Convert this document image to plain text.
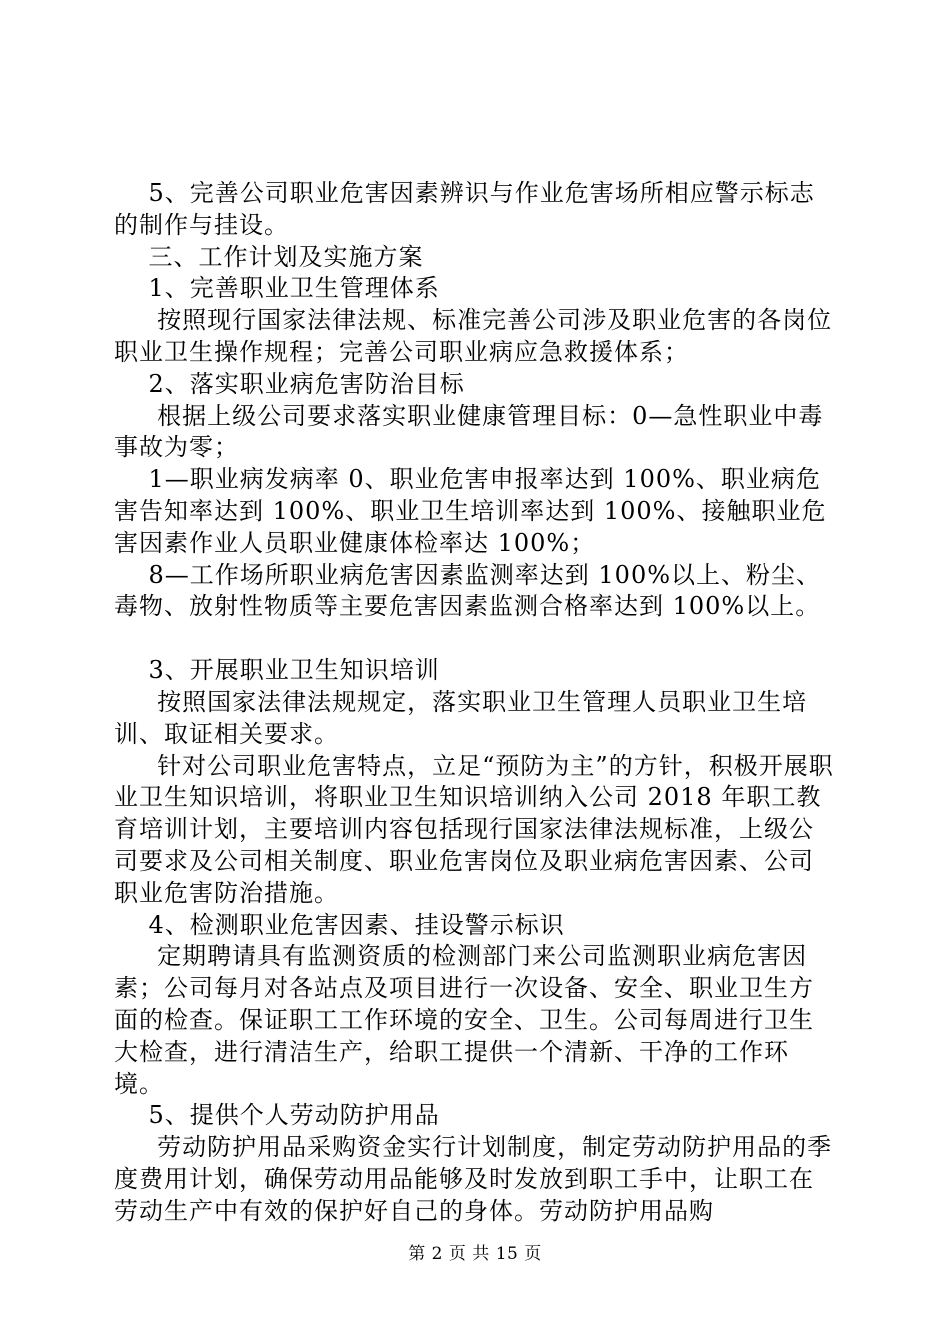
5、完善公司职业危害因素辨识与作业危害场所相应警示标志的制作与挂设。

三、工作计划及实施方案

1、完善职业卫生管理体系

按照现行国家法律法规、标准完善公司涉及职业危害的各岗位职业卫生操作规程；完善公司职业病应急救援体系；

2、落实职业病危害防治目标

根据上级公司要求落实职业健康管理目标：0—急性职业中毒事故为零；

1—职业病发病率 0、职业危害申报率达到 100%、职业病危害告知率达到 100%、职业卫生培训率达到 100%、接触职业危害因素作业人员职业健康体检率达 100%；

8—工作场所职业病危害因素监测率达到 100%以上、粉尘、毒物、放射性物质等主要危害因素监测合格率达到 100%以上。

3、开展职业卫生知识培训

按照国家法律法规规定，落实职业卫生管理人员职业卫生培训、取证相关要求。

针对公司职业危害特点，立足“预防为主”的方针，积极开展职业卫生知识培训，将职业卫生知识培训纳入公司 2018 年职工教育培训计划，主要培训内容包括现行国家法律法规标准，上级公司要求及公司相关制度、职业危害岗位及职业病危害因素、公司职业危害防治措施。

4、检测职业危害因素、挂设警示标识

定期聘请具有监测资质的检测部门来公司监测职业病危害因素；公司每月对各站点及项目进行一次设备、安全、职业卫生方面的检查。保证职工工作环境的安全、卫生。公司每周进行卫生大检查，进行清洁生产，给职工提供一个清新、干净的工作环境。

5、提供个人劳动防护用品

劳动防护用品采购资金实行计划制度，制定劳动防护用品的季度费用计划，确保劳动用品能够及时发放到职工手中，让职工在劳动生产中有效的保护好自己的身体。劳动防护用品购

第 2 页 共 15 页
